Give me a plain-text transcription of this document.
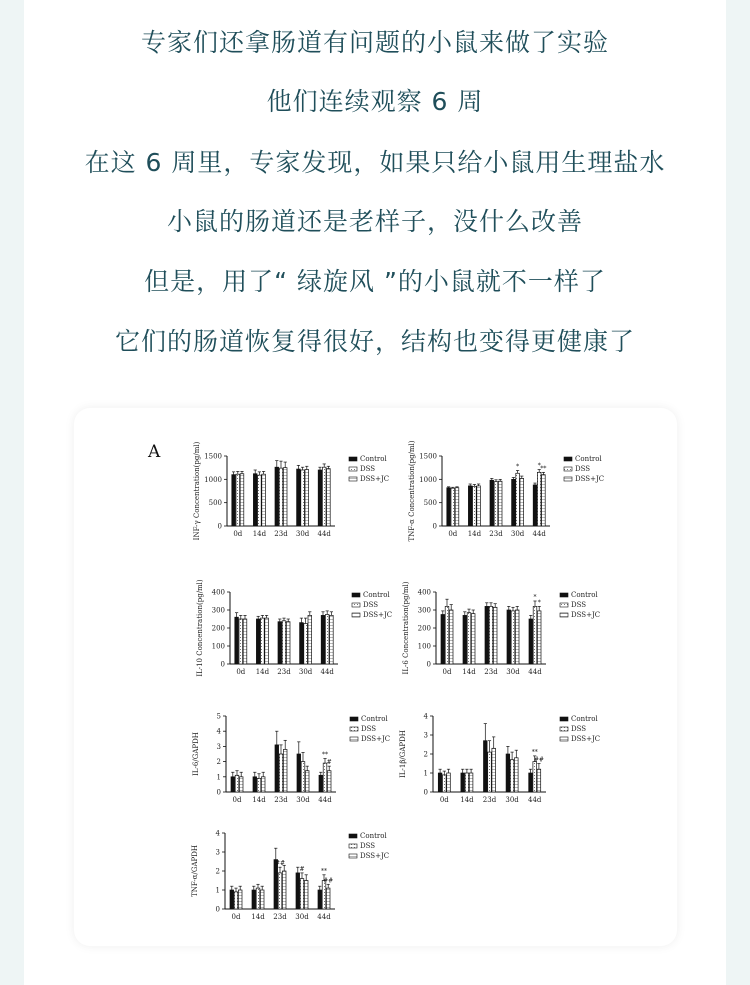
专家们还拿肠道有问题的小鼠来做了实验
他们连续观察 6 周
在这 6 周里，专家发现，如果只给小鼠用生理盐水
小鼠的肠道还是老样子，没什么改善
但是，用了“ 绿旋风 ”的小鼠就不一样了
它们的肠道恢复得很好，结构也变得更健康了
A
0
500
1000
1500
INF-γ Concentration(pg/ml)	0d 14d 23d 30d 44d
Control
DSS
DSS+JC
0
500
1000
1500
TNF-α Concentration(pg/ml)	0d 14d 23d 30d 44d
*	* **
Control
DSS
DSS+JC
0
100
200
300
400
IL-10 Concentration(pg/ml)	0d 14d 23d 30d 44d
Control
DSS
DSS+JC
0
100
200
300
400
IL-6 Concentration(pg/ml)	0d 14d 23d 30d 44d
*
*
Control
DSS
DSS+JC
0
1
2
3
4
5
IL-6/GAPDH
0d 14d 23d 30d 44d
**
#
Control
DSS
DSS+JC
0
1
2
3
4
IL-1β/GAPDH
0d 14d 23d 30d 44d
**
##
Control
DSS
DSS+JC
0
1
2
3
4
TNF-α/GAPDH
0d 14d 23d 30d 44d
##
#	**
##
Control
DSS
DSS+JC
